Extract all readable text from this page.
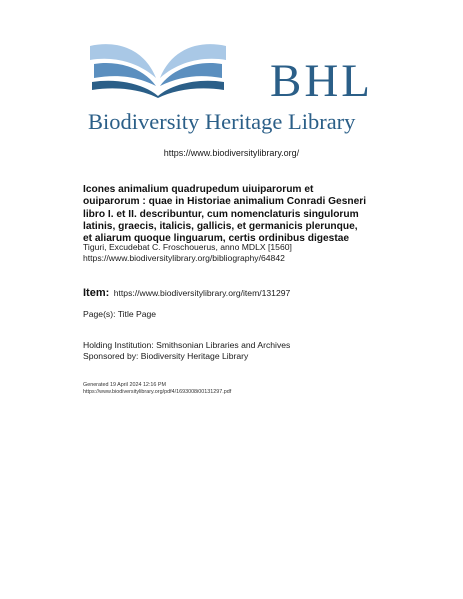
BHL
Biodiversity Heritage Library
https://www.biodiversitylibrary.org/
Icones animalium quadrupedum uiuiparorum et
ouiparorum : quae in Historiae animalium Conradi Gesneri
libro I. et II. describuntur, cum nomenclaturis singulorum
latinis, graecis, italicis, gallicis, et germanicis plerunque,
et aliarum quoque linguarum, certis ordinibus digestae
Tiguri, Excudebat C. Froschouerus, anno MDLX [1560]
https://www.biodiversitylibrary.org/bibliography/64842
Item: https://www.biodiversitylibrary.org/item/131297
Page(s): Title Page
Holding Institution: Smithsonian Libraries and Archives
Sponsored by: Biodiversity Heritage Library
Generated 19 April 2024 12:16 PM
https://www.biodiversitylibrary.org/pdf4/1693008i00131297.pdf
